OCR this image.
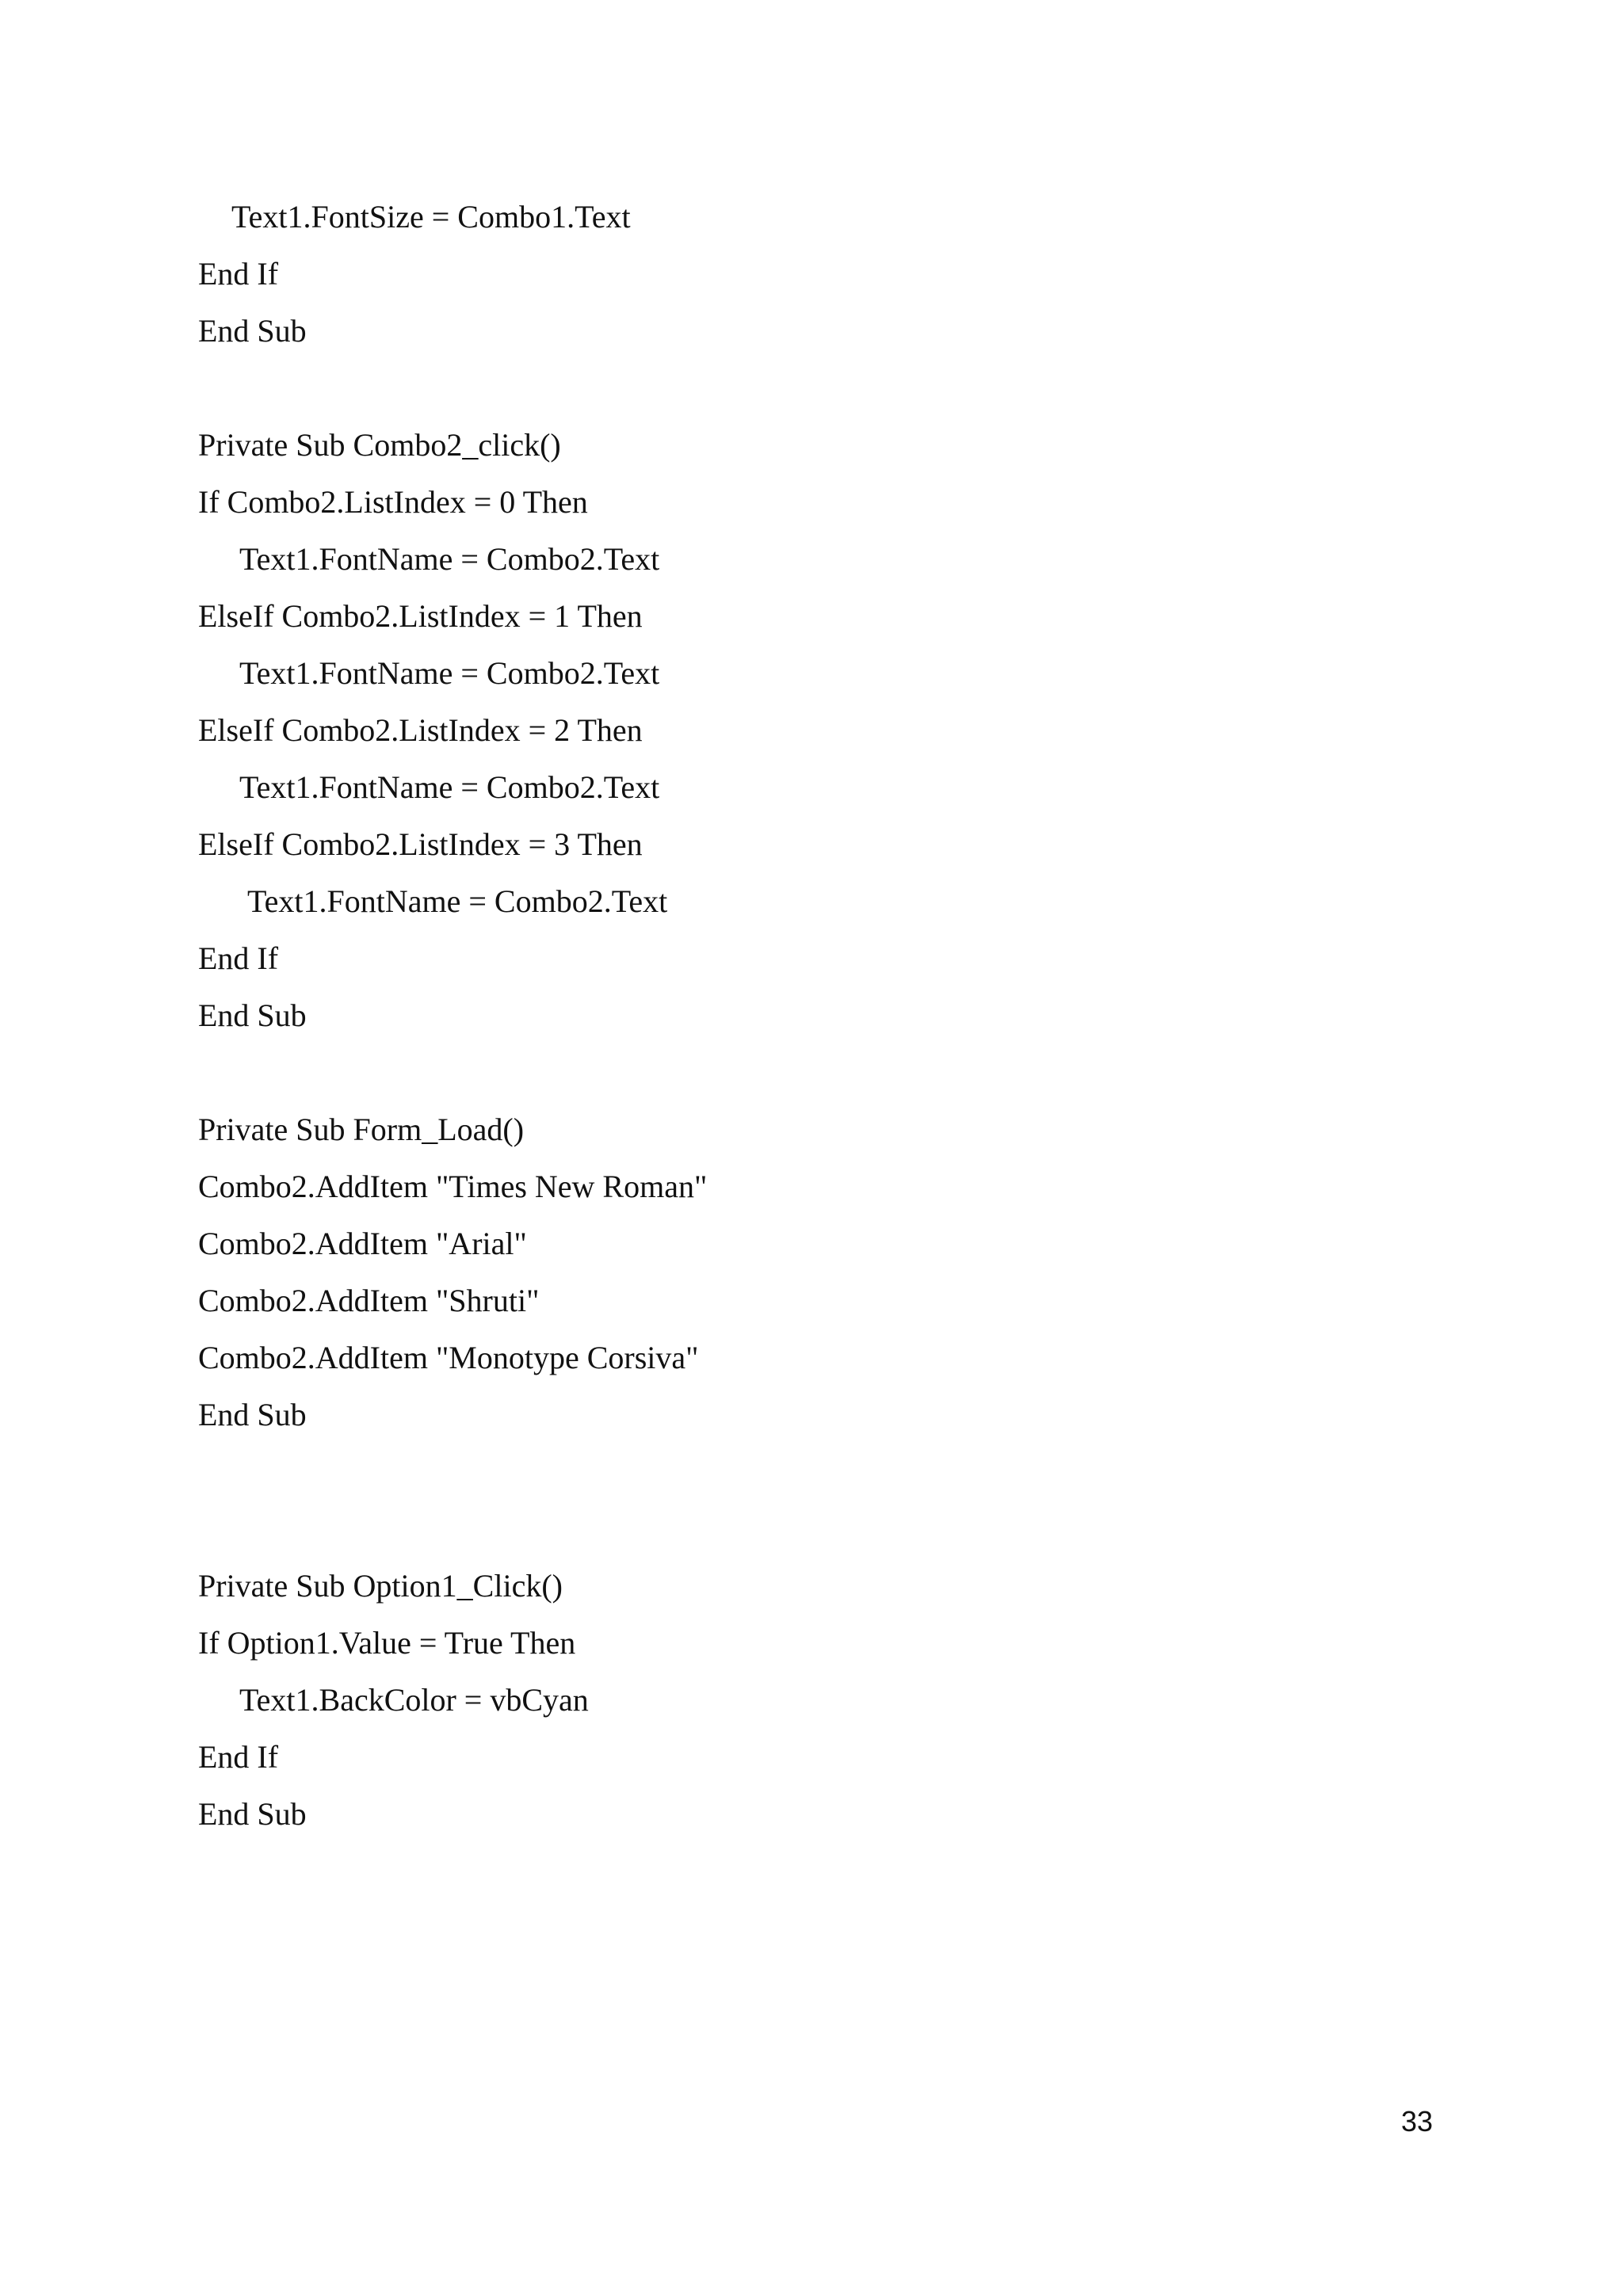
Text1.FontSize = Combo1.Text
End If
End Sub
Private Sub Combo2_click()
If Combo2.ListIndex = 0 Then
Text1.FontName = Combo2.Text
ElseIf Combo2.ListIndex = 1 Then
Text1.FontName = Combo2.Text
ElseIf Combo2.ListIndex = 2 Then
Text1.FontName = Combo2.Text
ElseIf Combo2.ListIndex = 3 Then
Text1.FontName = Combo2.Text
End If
End Sub
Private Sub Form_Load()
Combo2.AddItem "Times New Roman"
Combo2.AddItem "Arial"
Combo2.AddItem "Shruti"
Combo2.AddItem "Monotype Corsiva"
End Sub
Private Sub Option1_Click()
If Option1.Value = True Then
Text1.BackColor = vbCyan
End If
End Sub
33
